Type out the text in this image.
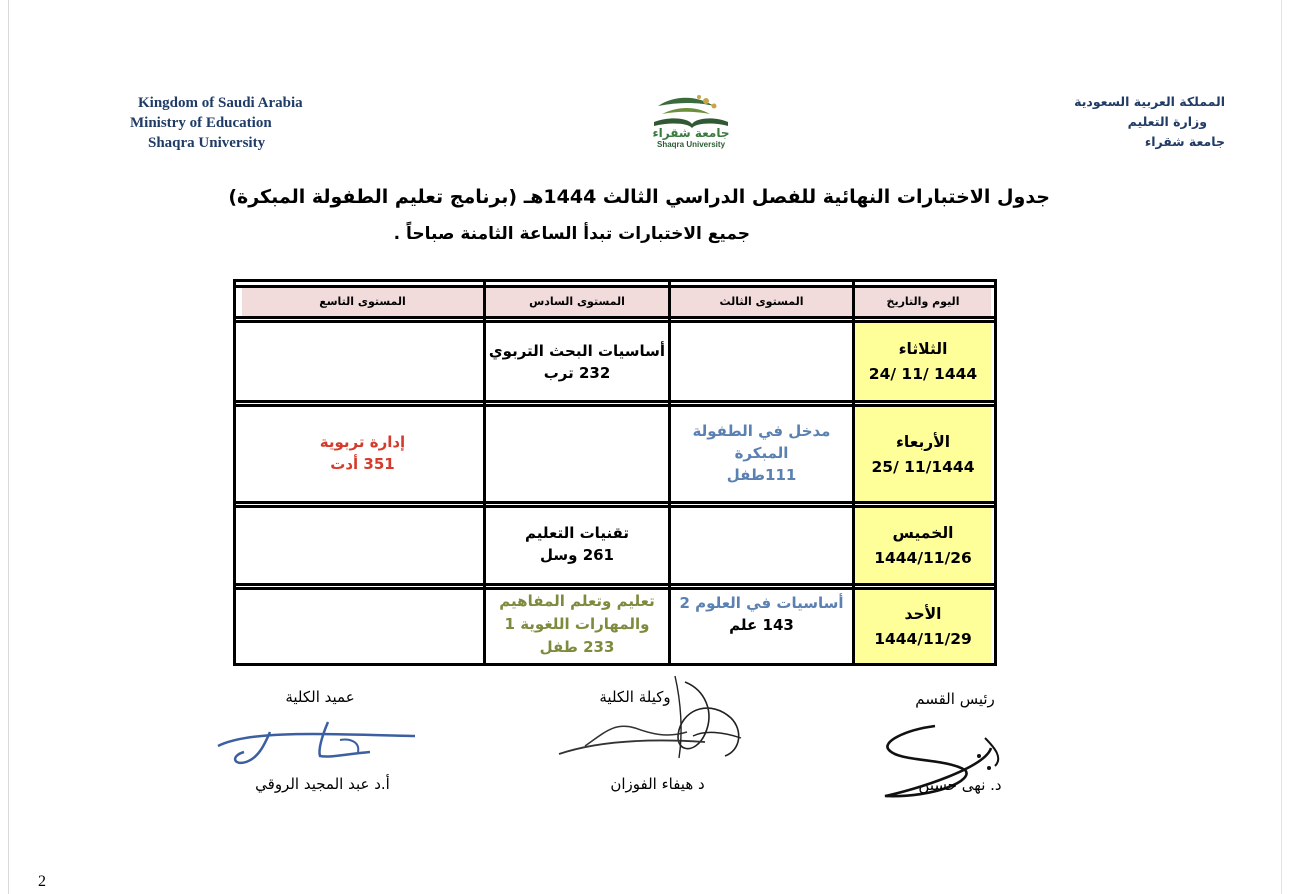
Kingdom of Saudi Arabia
Ministry of Education
Shaqra University
المملكة العربية السعودية
وزارة التعليم
جامعة شقراء
جامعة شقراء
Shaqra University
جدول الاختبارات النهائية للفصل الدراسي الثالث 1444هـ (برنامج تعليم الطفولة المبكرة)
جميع الاختبارات تبدأ الساعة الثامنة صباحاً .
اليوم والتاريخ
المستوى الثالث
المستوى السادس
المستوى التاسع
الثلاثاء
24/ 11/ 1444
أساسيات البحث التربوي
232 ترب
الأربعاء
25/ 11/1444
مدخل في الطفولة
المبكرة
111طفل
إدارة تربوية
351 أدت
الخميس
1444/11/26
تقنيات التعليم
261 وسل
الأحد
1444/11/29
أساسيات في العلوم 2
143 علم
تعليم وتعلم المفاهيم
والمهارات اللغوية 1
233 طفل
عميد الكلية
أ.د عبد المجيد الروقي
وكيلة الكلية
د هيفاء الفوزان
رئيس القسم
د. نهى حسين
2
